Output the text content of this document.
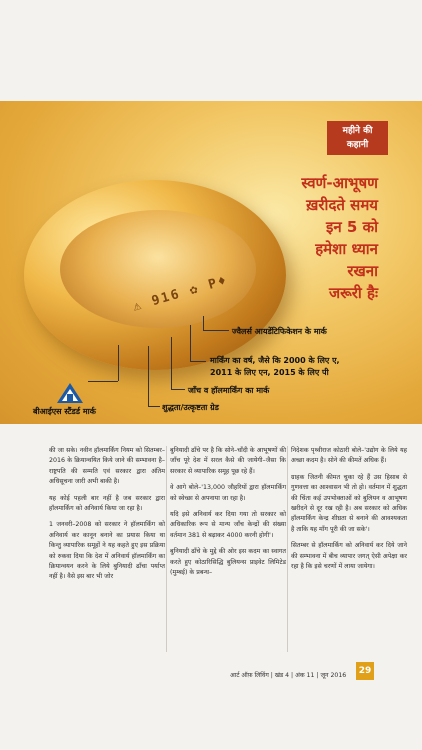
महीने की
कहानी
स्वर्ण-आभूषण
ख़रीदते समय
इन 5 को
हमेशा ध्यान
रखना
जरूरी हैः
⚠ 916 ✿ P♦
ज्वैलर्स आयडेंटिफिकेशन के मार्क
मार्किंग का वर्ष, जैसे कि 2000 के लिए ए,
2011 के लिए एन, 2015 के लिए पी
जाँच व हॉलमार्किंग का मार्क
शुद्धता/उत्कृष्टता ग्रेड
बीआईएस स्टैंडर्ड मार्क

की जा सके। नवीन हॉलमार्किंग नियम को सितम्बर–2016 के क्रियान्वयित किये जाने की सम्भावना है–राष्ट्रपति की सम्मति एवं सरकार द्वारा अंतिम अधिसूचना जारी अभी बाकी है।

यह कोई पहली बार नहीं है जब सरकार द्वारा हॉलमार्किंग को अनिवार्य किया जा रहा है।

1 जनवरी–2008 को सरकार ने हॉलमार्किंग को अनिवार्य कर कानून बनाने का प्रयास किया था किन्तु व्यापारिक समूहों ने यह कहते हुए इस प्रक्रिया को रुकवा दिया कि देश में अनिवार्य हॉलमार्किंग का क्रियान्वयन करने के लिये बुनियादी ढाँचा पर्याप्त नहीं है। वैसे इस बार भी जोर

बुनियादी ढाँचे पर है कि सोने–चाँदी के आभूषणों की जाँच पूरे देश में सरल कैसे की जायेगी–जैसा कि सरकार से व्यापारिक समूह पूछ रहे हैं।

वे आगे बोले–'13,000 जौहरियों द्वारा हॉलमार्किंग को स्वेच्छा से अपनाया जा रहा है।

यदि इसे अनिवार्य कर दिया गया तो सरकार को अधिकारिक रूप से मान्य जाँच केन्द्रों की संख्या वर्तमान 381 से बढ़ाकर 4000 करनी होगी'।

बुनियादी ढाँचे के मुद्दे की ओर इस कदम का स्वागत करते हुए कोठारिसिद्धि बुलियन्स प्राइवेट लिमिटेड (मुम्बई) के प्रबन्ध–

निदेशक पृथ्वीराज कोठारी बोले–'उद्योग के लिये यह अच्छा कदम है। सोने की कीमतें अधिक हैं।

ग्राहक जितनी कीमत चुका रहे हैं उस हिसाब से गुणवत्ता का आश्वासन भी तो हो। वर्तमान में शुद्धता की चिंता कई उपभोक्ताओं को बुलियन व आभूषण खरीदने से दूर रख रही है। अब सरकार को अधिक हॉलमार्किंग केन्द्र शीघ्रता से बनाने की आवश्यकता है ताकि यह माँग पूरी की जा सके'।

सितम्बर से हॉलमार्किंग को अनिवार्य कर दिये जाने की सम्भावना में बीच व्यापार जगत् ऐसी अपेक्षा कर रहा है कि इसे चरणों में लाया जायेगा।

आर्ट ऑफ़ लिविंग | खंड 4 | अंक 11 | जून 2016	29
